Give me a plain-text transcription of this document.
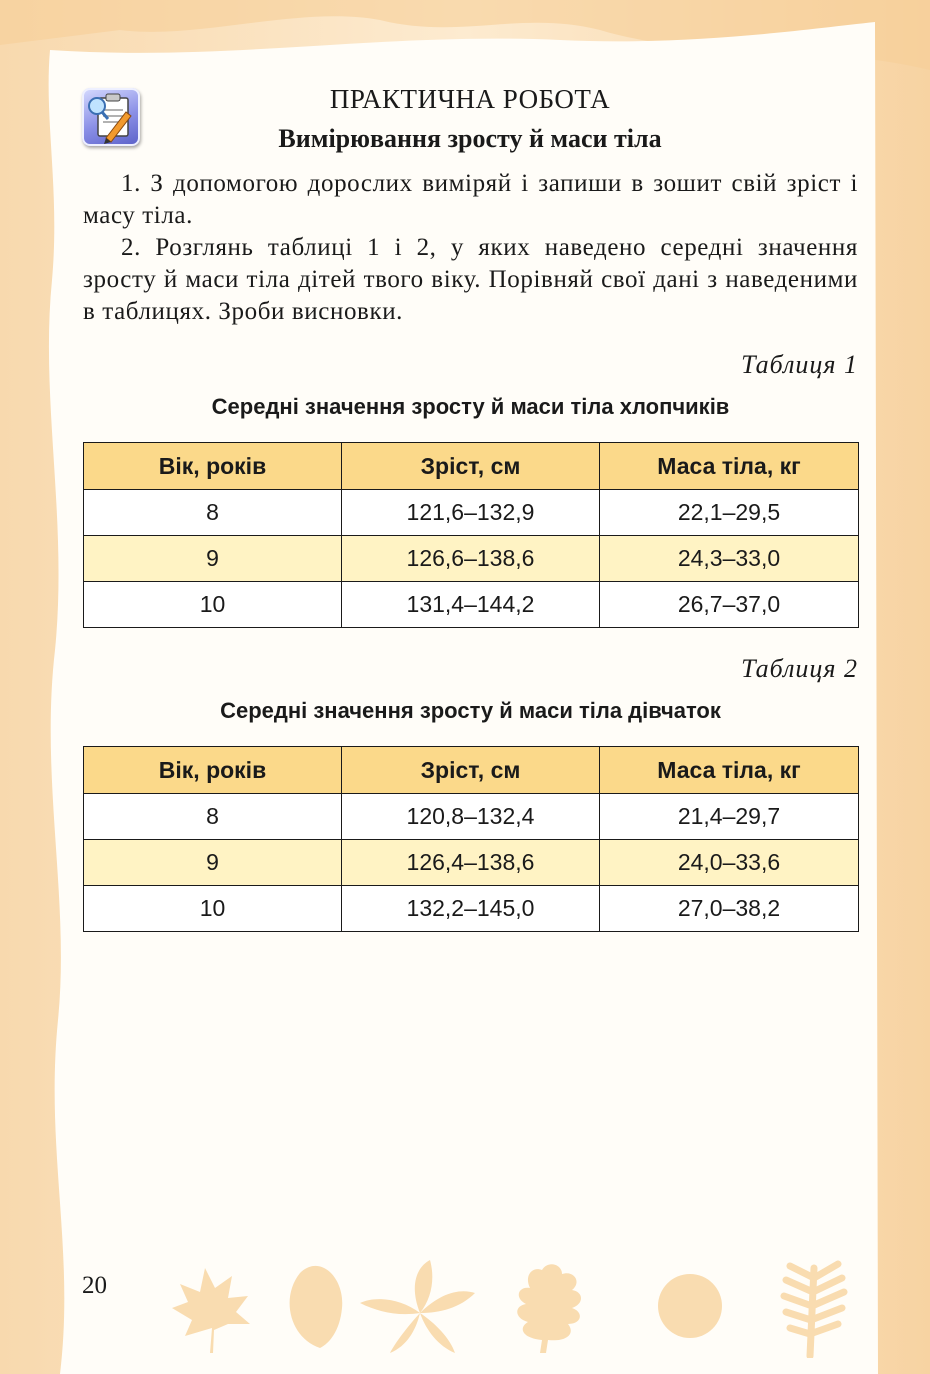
ПРАКТИЧНА РОБОТА
Вимірювання зросту й маси тіла
1. З допомогою дорослих виміряй і запиши в зошит свій зріст і масу тіла.
2. Розглянь таблиці 1 і 2, у яких наведено середні значення зросту й маси тіла дітей твого віку. Порівняй свої дані з наведеними в таблицях. Зроби висновки.
Таблиця 1
Середні значення зросту й маси тіла хлопчиків
Вік, років	Зріст, см	Маса тіла, кг
8	121,6–132,9	22,1–29,5
9	126,6–138,6	24,3–33,0
10	131,4–144,2	26,7–37,0
Таблиця 2
Середні значення зросту й маси тіла дівчаток
Вік, років	Зріст, см	Маса тіла, кг
8	120,8–132,4	21,4–29,7
9	126,4–138,6	24,0–33,6
10	132,2–145,0	27,0–38,2
20
